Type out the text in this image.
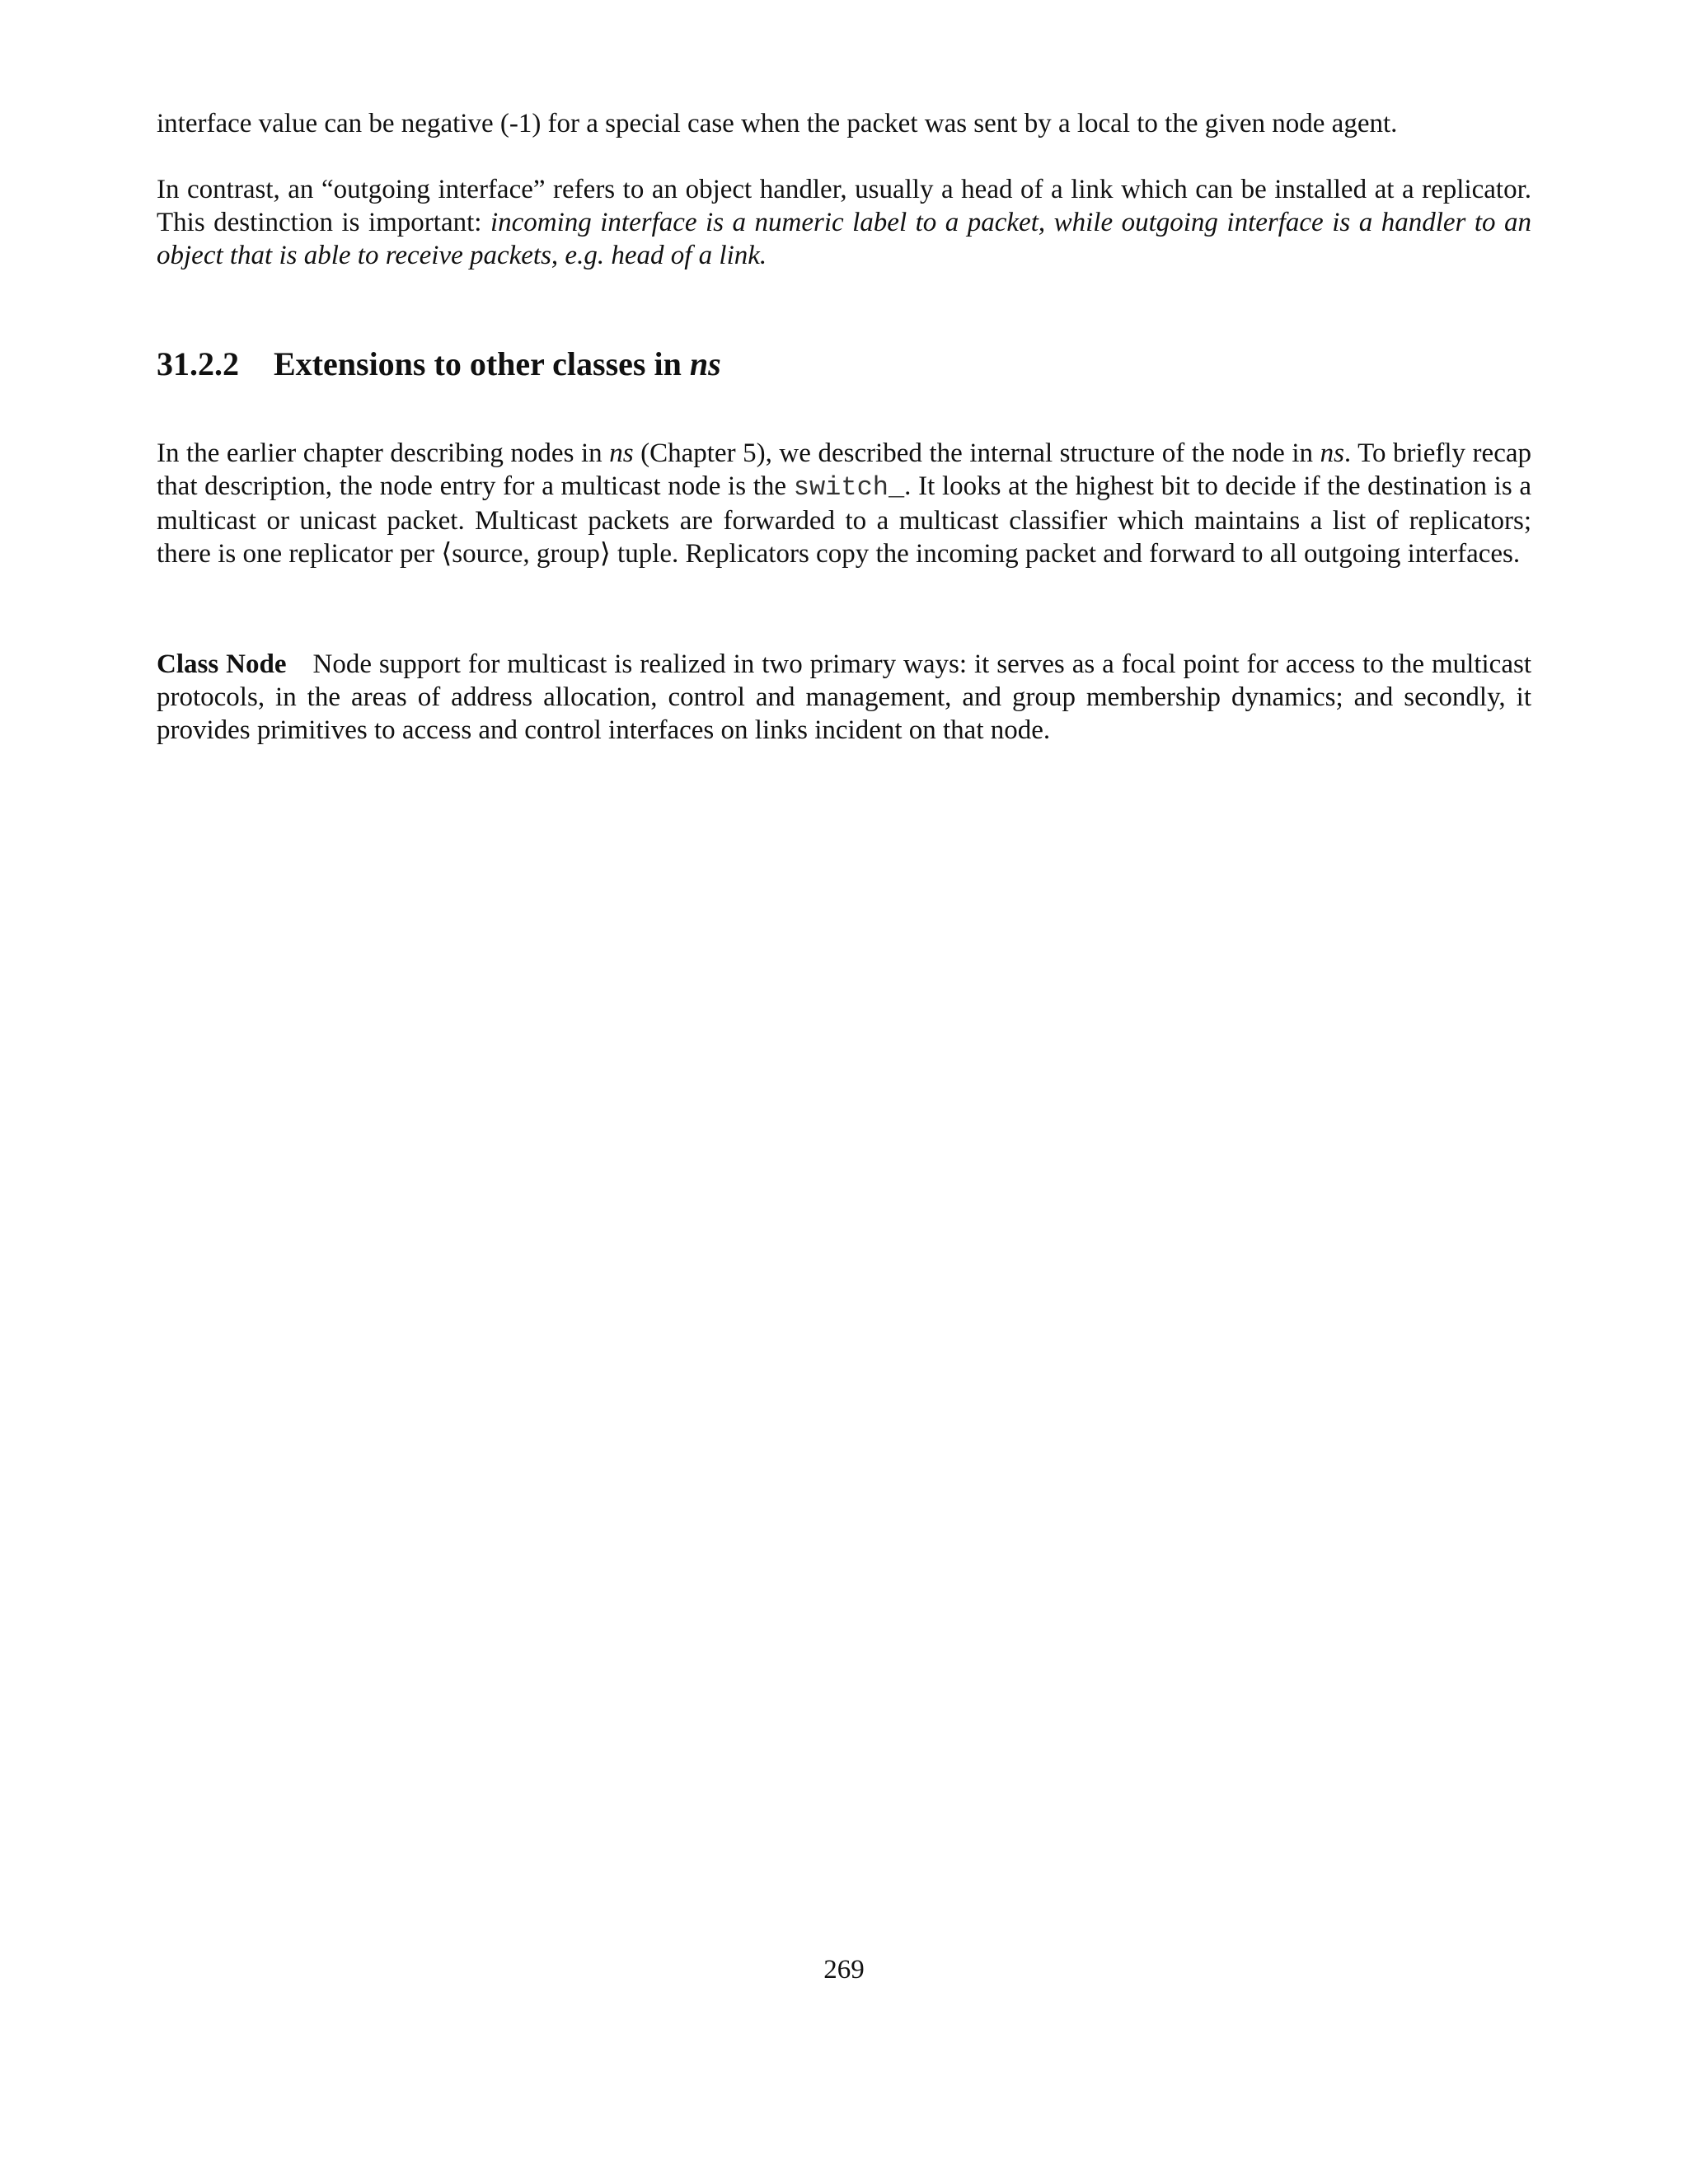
interface value can be negative (-1) for a special case when the packet was sent by a local to the given node agent.

In contrast, an “outgoing interface” refers to an object handler, usually a head of a link which can be installed at a replicator. This destinction is important: incoming interface is a numeric label to a packet, while outgoing interface is a handler to an object that is able to receive packets, e.g. head of a link.

31.2.2 Extensions to other classes in ns

In the earlier chapter describing nodes in ns (Chapter 5), we described the internal structure of the node in ns. To briefly recap that description, the node entry for a multicast node is the switch_. It looks at the highest bit to decide if the destination is a multicast or unicast packet. Multicast packets are forwarded to a multicast classifier which maintains a list of replicators; there is one replicator per ⟨source, group⟩ tuple. Replicators copy the incoming packet and forward to all outgoing interfaces.

Class Node Node support for multicast is realized in two primary ways: it serves as a focal point for access to the multicast protocols, in the areas of address allocation, control and management, and group membership dynamics; and secondly, it provides primitives to access and control interfaces on links incident on that node.

269
